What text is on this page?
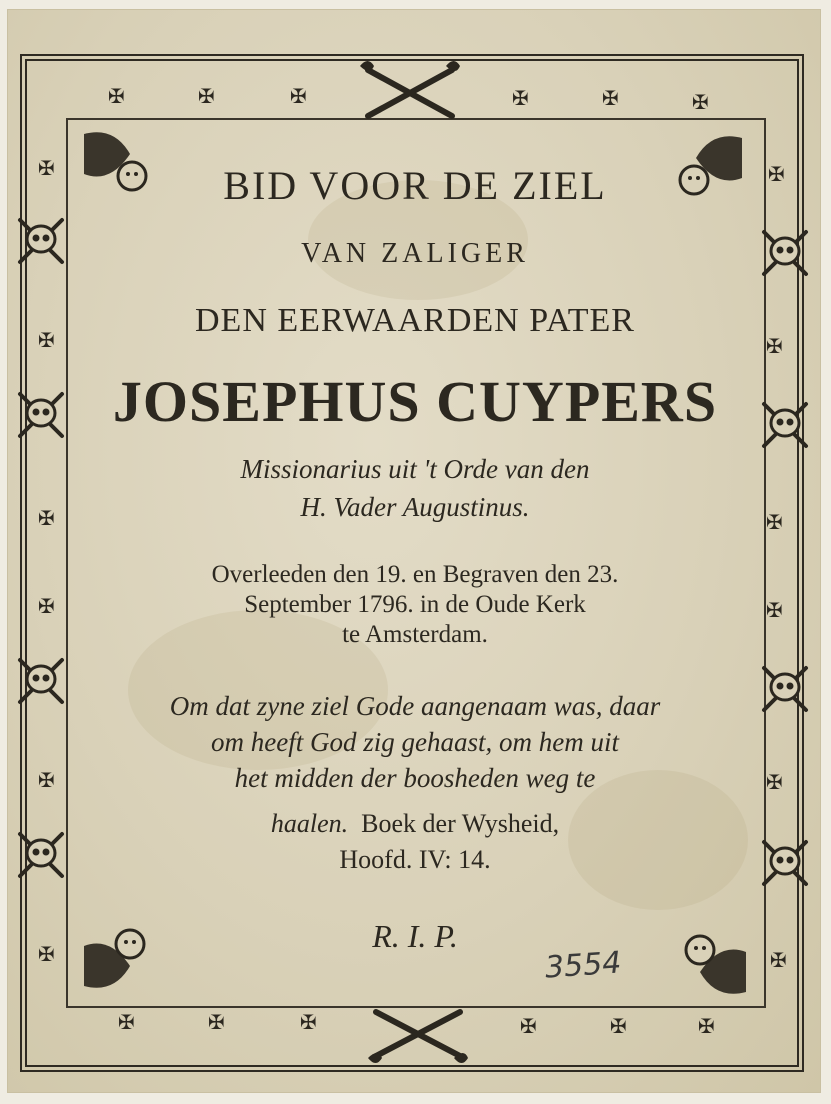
✠	✠	✠	✠	✠	✠
✠	✠	✠	✠	✠	✠
✠
✠
✠
✠
✠
✠
✠
✠
✠
✠
✠
✠
BID VOOR DE ZIEL
VAN ZALIGER
DEN EERWAARDEN PATER
JOSEPHUS CUYPERS
Missionarius uit 't Orde van den
H. Vader Augustinus.
Overleeden den 19. en Begraven den 23.
September 1796. in de Oude Kerk
te Amsterdam.
Om dat zyne ziel Gode aangenaam was, daar
om heeft God zig gehaast, om hem uit
het midden der boosheden weg te
haalen. Boek der Wysheid,
Hoofd. IV: 14.
R. I. P.
3554
